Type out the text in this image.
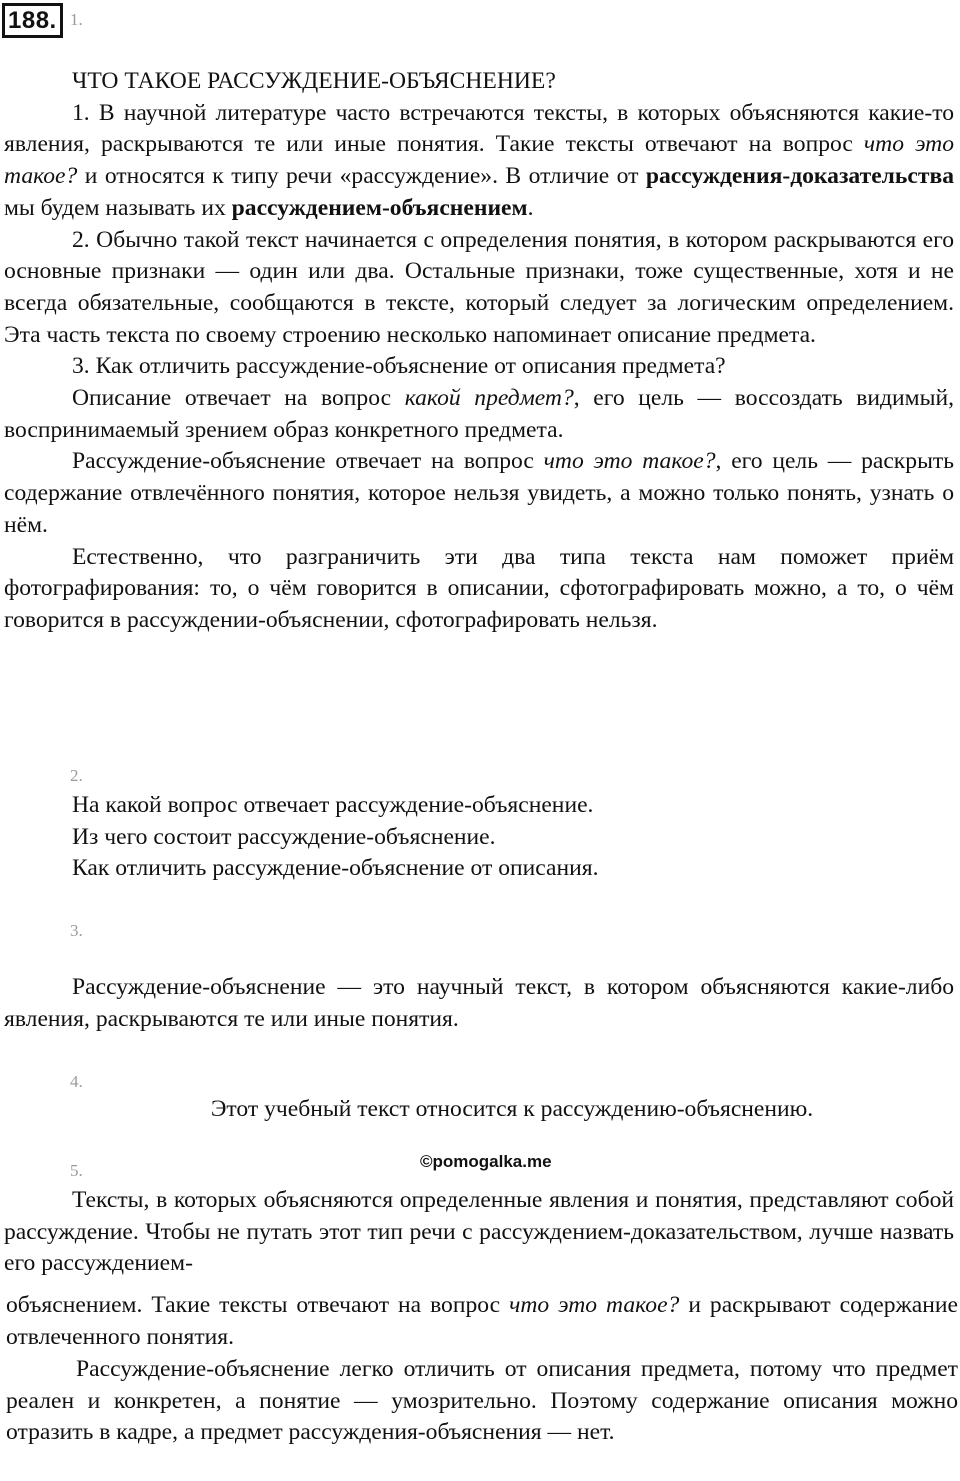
188. 1.

ЧТО ТАКОЕ РАССУЖДЕНИЕ-ОБЪЯСНЕНИЕ?

1. В научной литературе часто встречаются тексты, в которых объясняются какие-то явления, раскрываются те или иные понятия. Такие тексты отвечают на вопрос что это такое? и относятся к типу речи «рассуждение». В отличие от рассуждения-доказательства мы будем называть их рассуждением-объяснением.

2. Обычно такой текст начинается с определения понятия, в котором раскрываются его основные признаки — один или два. Остальные признаки, тоже существенные, хотя и не всегда обязательные, сообщаются в тексте, который следует за логическим определением. Эта часть текста по своему строению несколько напоминает описание предмета.

3. Как отличить рассуждение-объяснение от описания предмета?

Описание отвечает на вопрос какой предмет?, его цель — воссоздать видимый, воспринимаемый зрением образ конкретного предмета.

Рассуждение-объяснение отвечает на вопрос что это такое?, его цель — раскрыть содержание отвлечённого понятия, которое нельзя увидеть, а можно только понять, узнать о нём.

Естественно, что разграничить эти два типа текста нам поможет приём фотографирования: то, о чём говорится в описании, сфотографировать можно, а то, о чём говорится в рассуждении-объяснении, сфотографировать нельзя.

2.

На какой вопрос отвечает рассуждение-объяснение.

Из чего состоит рассуждение-объяснение.

Как отличить рассуждение-объяснение от описания.

3.

Рассуждение-объяснение — это научный текст, в котором объясняются какие-либо явления, раскрываются те или иные понятия.

4.
Этот учебный текст относится к рассуждению-объяснению.
©pomogalka.me
5.

Тексты, в которых объясняются определенные явления и понятия, представляют собой рассуждение. Чтобы не путать этот тип речи с рассуждением-доказательством, лучше назвать его рассуждением-

объяснением. Такие тексты отвечают на вопрос что это такое? и раскрывают содержание отвлеченного понятия.

Рассуждение-объяснение легко отличить от описания предмета, потому что предмет реален и конкретен, а понятие — умозрительно. Поэтому содержание описания можно отразить в кадре, а предмет рассуждения-объяснения — нет.
